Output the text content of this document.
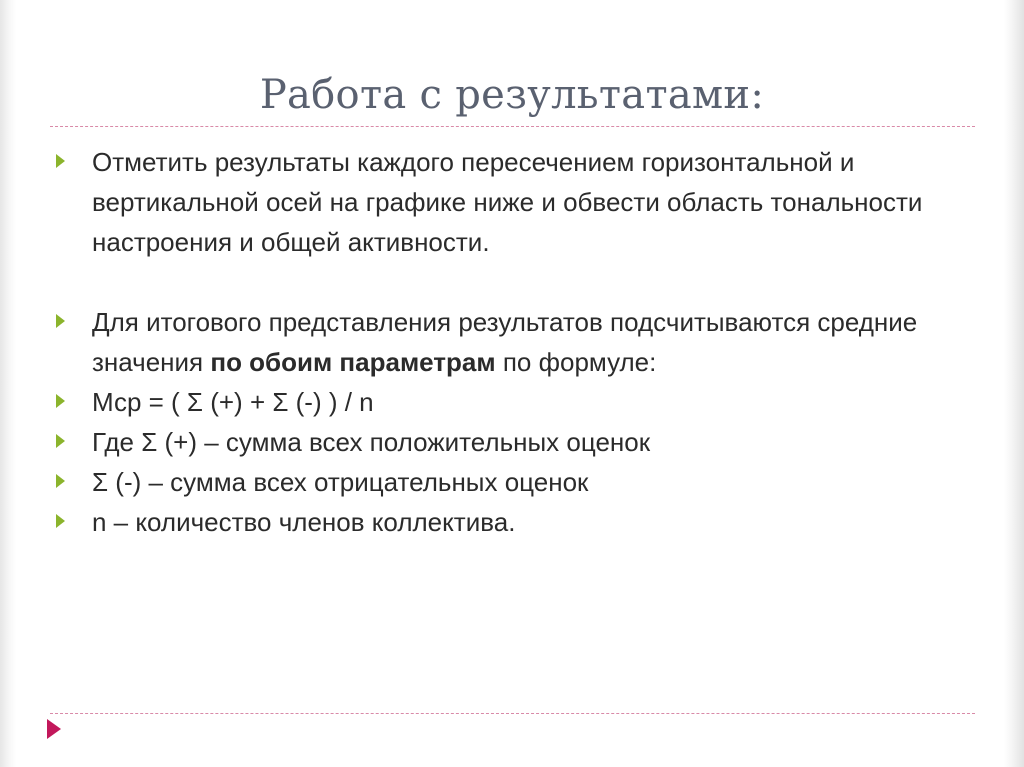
Работа с результатами:

Отметить результаты каждого пересечением горизонтальной и вертикальной осей на графике ниже и обвести область тональности настроения и общей активности.

Для итогового представления результатов подсчитываются средние значения по обоим параметрам по формуле:

Мср = ( Σ (+) + Σ (-) ) / n

Где Σ (+) – сумма всех положительных оценок

Σ (-) – сумма всех отрицательных оценок

n – количество членов коллектива.
